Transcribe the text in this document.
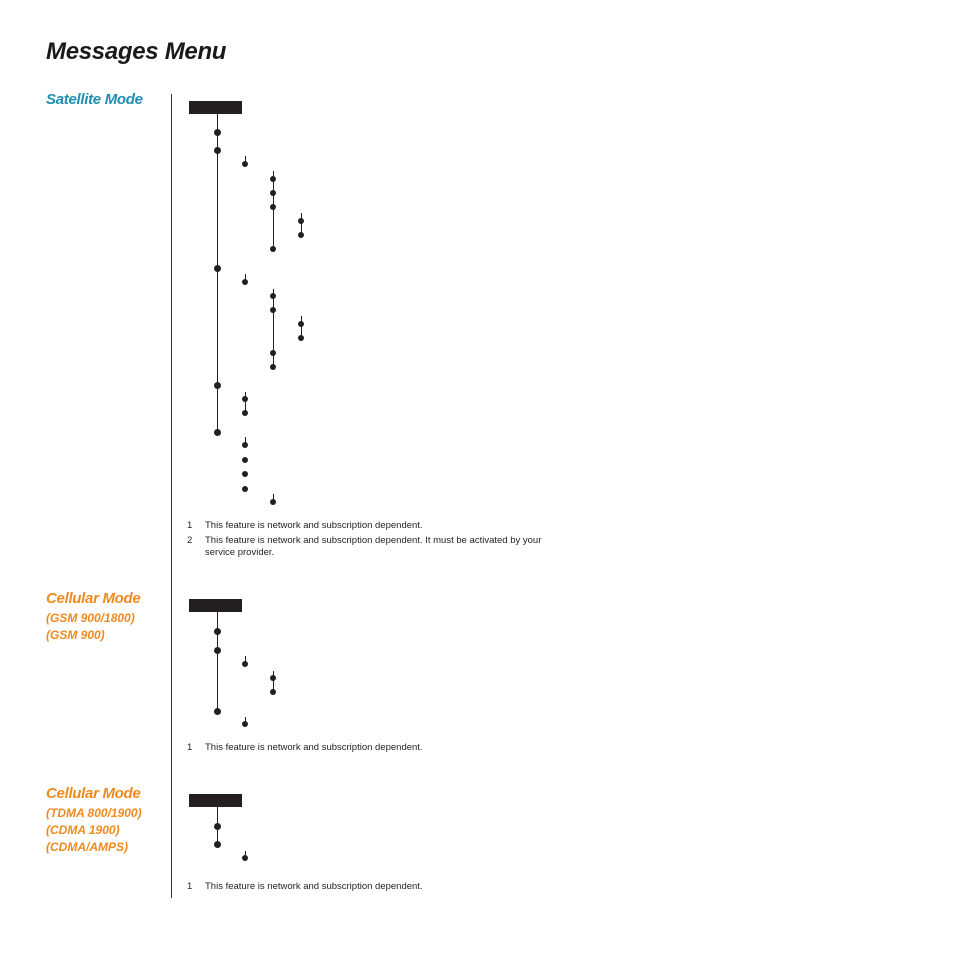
Messages Menu
Satellite Mode
Cellular Mode
(GSM 900/1800)
(GSM 900)
Cellular Mode
(TDMA 800/1900)
(CDMA 1900)
(CDMA/AMPS)
1 This feature is network and subscription dependent.
2 This feature is network and subscription dependent. It must be activated by your service provider.
1 This feature is network and subscription dependent.
1 This feature is network and subscription dependent.
